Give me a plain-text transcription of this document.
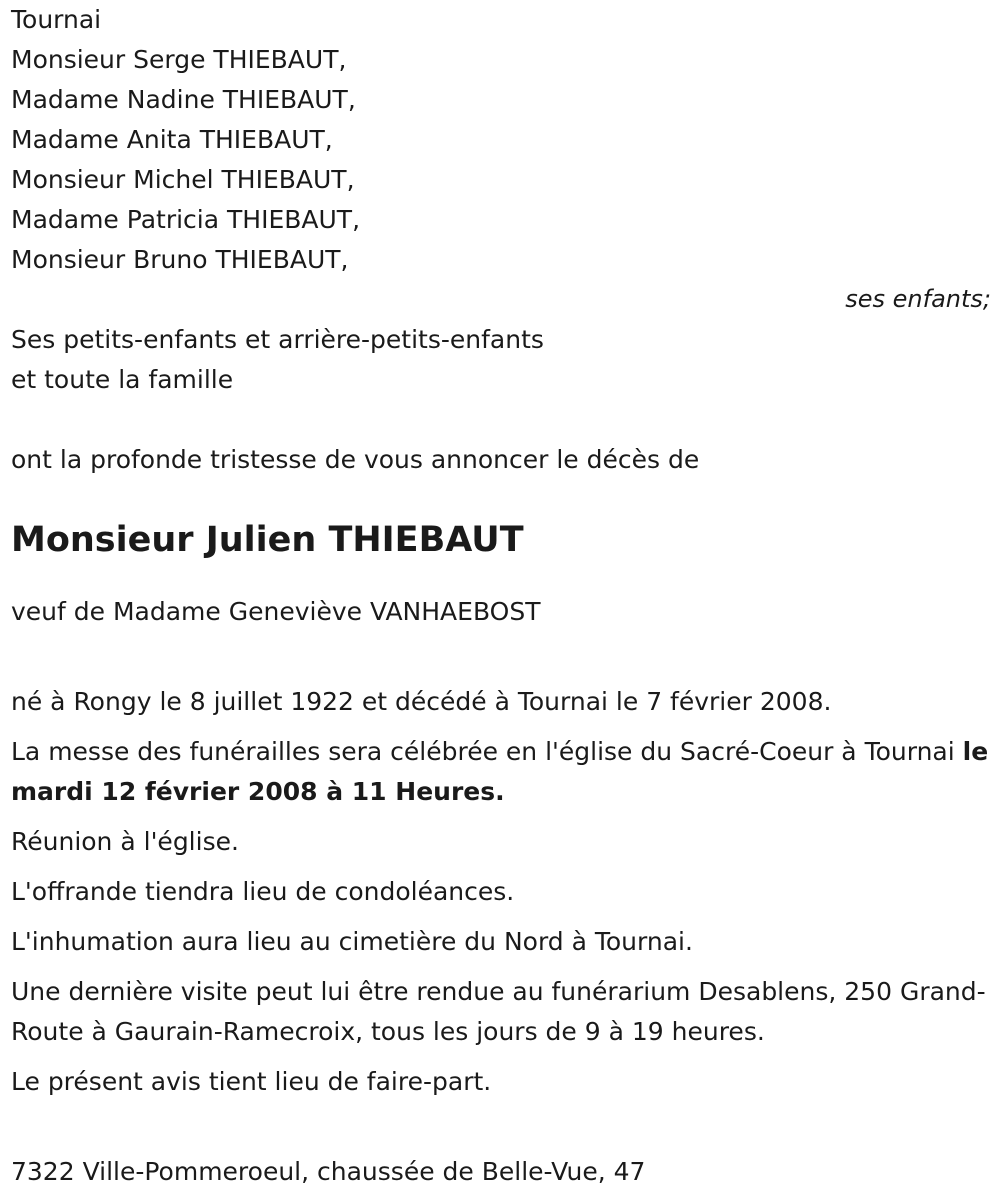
Tournai
Monsieur Serge THIEBAUT,
Madame Nadine THIEBAUT,
Madame Anita THIEBAUT,
Monsieur Michel THIEBAUT,
Madame Patricia THIEBAUT,
Monsieur Bruno THIEBAUT,
ses enfants;
Ses petits-enfants et arrière-petits-enfants
et toute la famille
ont la profonde tristesse de vous annoncer le décès de
Monsieur Julien THIEBAUT
veuf de Madame Geneviève VANHAEBOST
né à Rongy le 8 juillet 1922 et décédé à Tournai le 7 février 2008.
La messe des funérailles sera célébrée en l'église du Sacré-Coeur à Tournai le mardi 12 février 2008 à 11 Heures.
Réunion à l'église.
L'offrande tiendra lieu de condoléances.
L'inhumation aura lieu au cimetière du Nord à Tournai.
Une dernière visite peut lui être rendue au funérarium Desablens, 250 Grand-Route à Gaurain-Ramecroix, tous les jours de 9 à 19 heures.
Le présent avis tient lieu de faire-part.
7322 Ville-Pommeroeul, chaussée de Belle-Vue, 47
